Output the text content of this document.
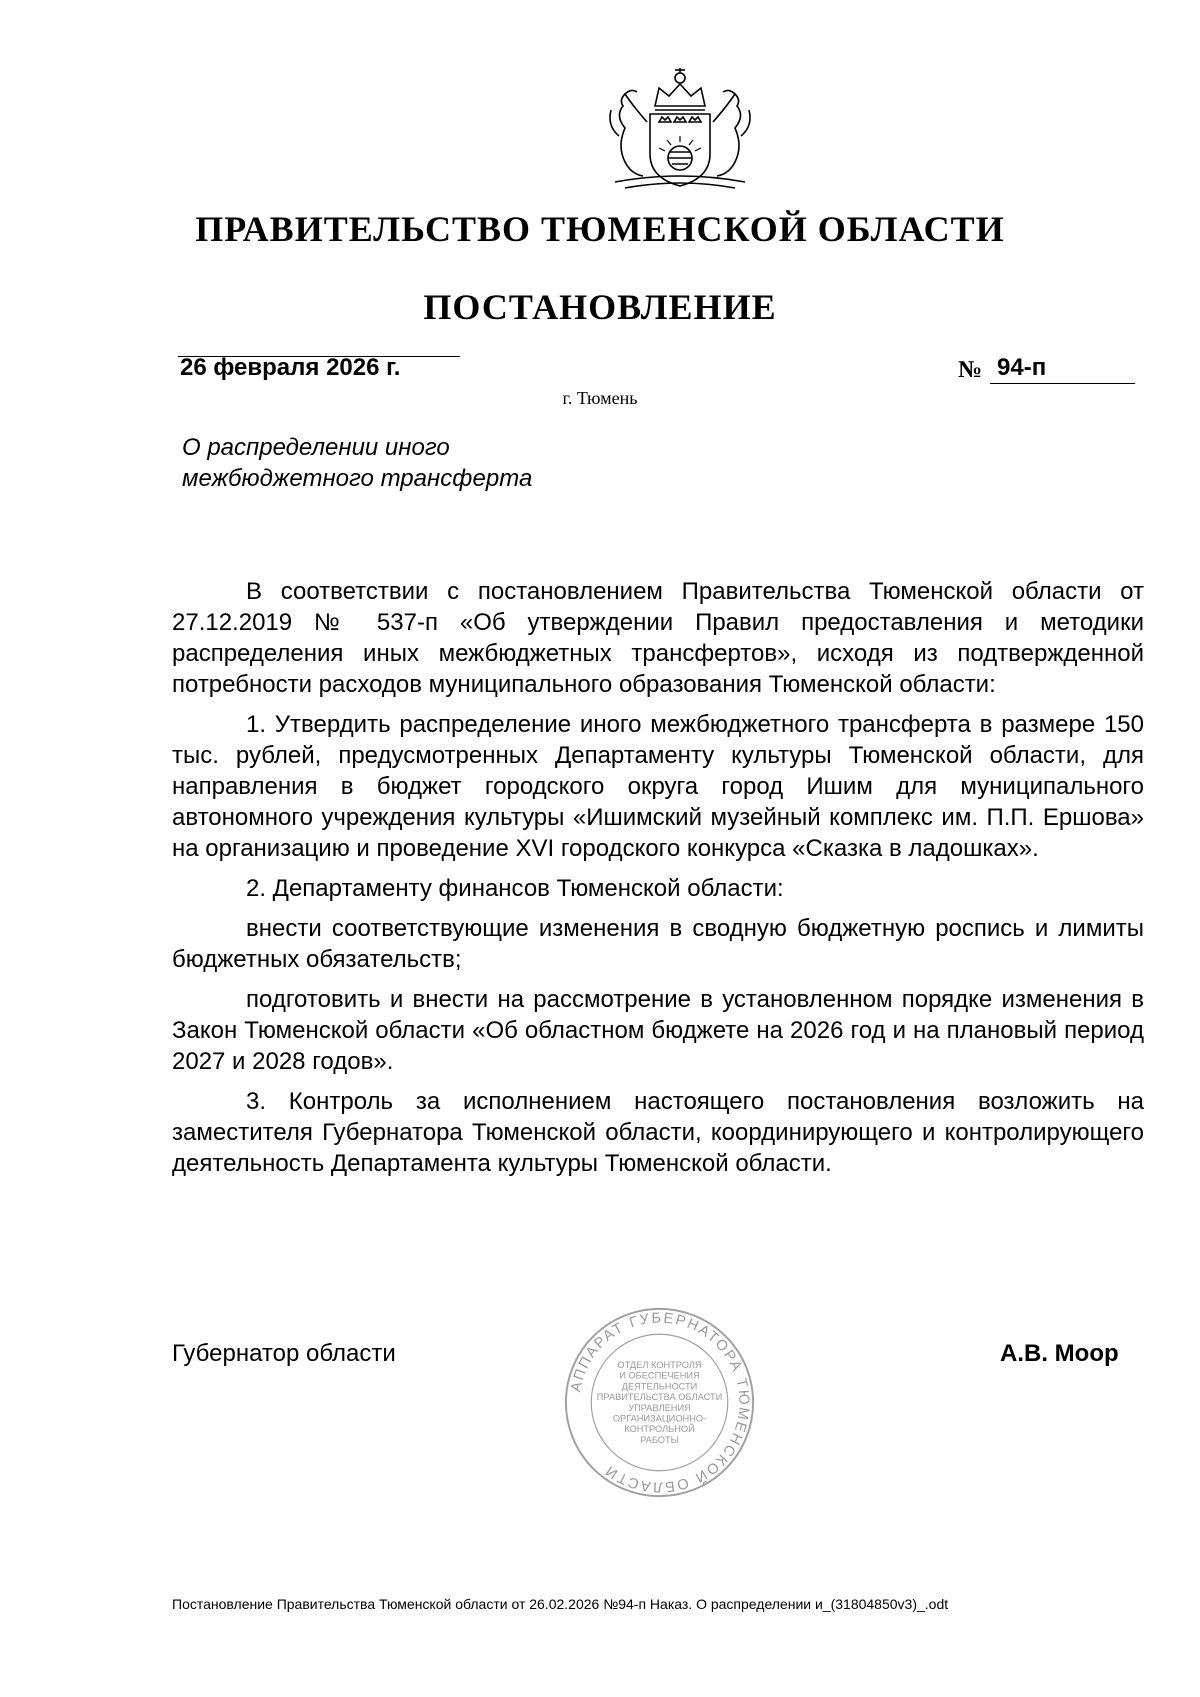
ПРАВИТЕЛЬСТВО ТЮМЕНСКОЙ ОБЛАСТИ
ПОСТАНОВЛЕНИЕ
26 февраля 2026 г.	№ 94-п
г. Тюмень
О распределении иного
межбюджетного трансферта

В соответствии с постановлением Правительства Тюменской области от 27.12.2019 № 537-п «Об утверждении Правил предоставления и методики распределения иных межбюджетных трансфертов», исходя из подтвержденной потребности расходов муниципального образования Тюменской области:

1. Утвердить распределение иного межбюджетного трансферта в размере 150 тыс. рублей, предусмотренных Департаменту культуры Тюменской области, для направления в бюджет городского округа город Ишим для муниципального автономного учреждения культуры «Ишимский музейный комплекс им. П.П. Ершова» на организацию и проведение XVI городского конкурса «Сказка в ладошках».

2. Департаменту финансов Тюменской области:

внести соответствующие изменения в сводную бюджетную роспись и лимиты бюджетных обязательств;

подготовить и внести на рассмотрение в установленном порядке изменения в Закон Тюменской области «Об областном бюджете на 2026 год и на плановый период 2027 и 2028 годов».

3. Контроль за исполнением настоящего постановления возложить на заместителя Губернатора Тюменской области, координирующего и контролирующего деятельность Департамента культуры Тюменской области.

Губернатор области	А.В. Моор
АППАРАТ ГУБЕРНАТОРА ТЮМЕНСКОЙ ОБЛАСТИ
ОТДЕЛ КОНТРОЛЯ
И ОБЕСПЕЧЕНИЯ
ДЕЯТЕЛЬНОСТИ
ПРАВИТЕЛЬСТВА ОБЛАСТИ
УПРАВЛЕНИЯ
ОРГАНИЗАЦИОННО-
КОНТРОЛЬНОЙ
РАБОТЫ
Постановление Правительства Тюменской области от 26.02.2026 №94-п Наказ. О распределении и_(31804850v3)_.odt
